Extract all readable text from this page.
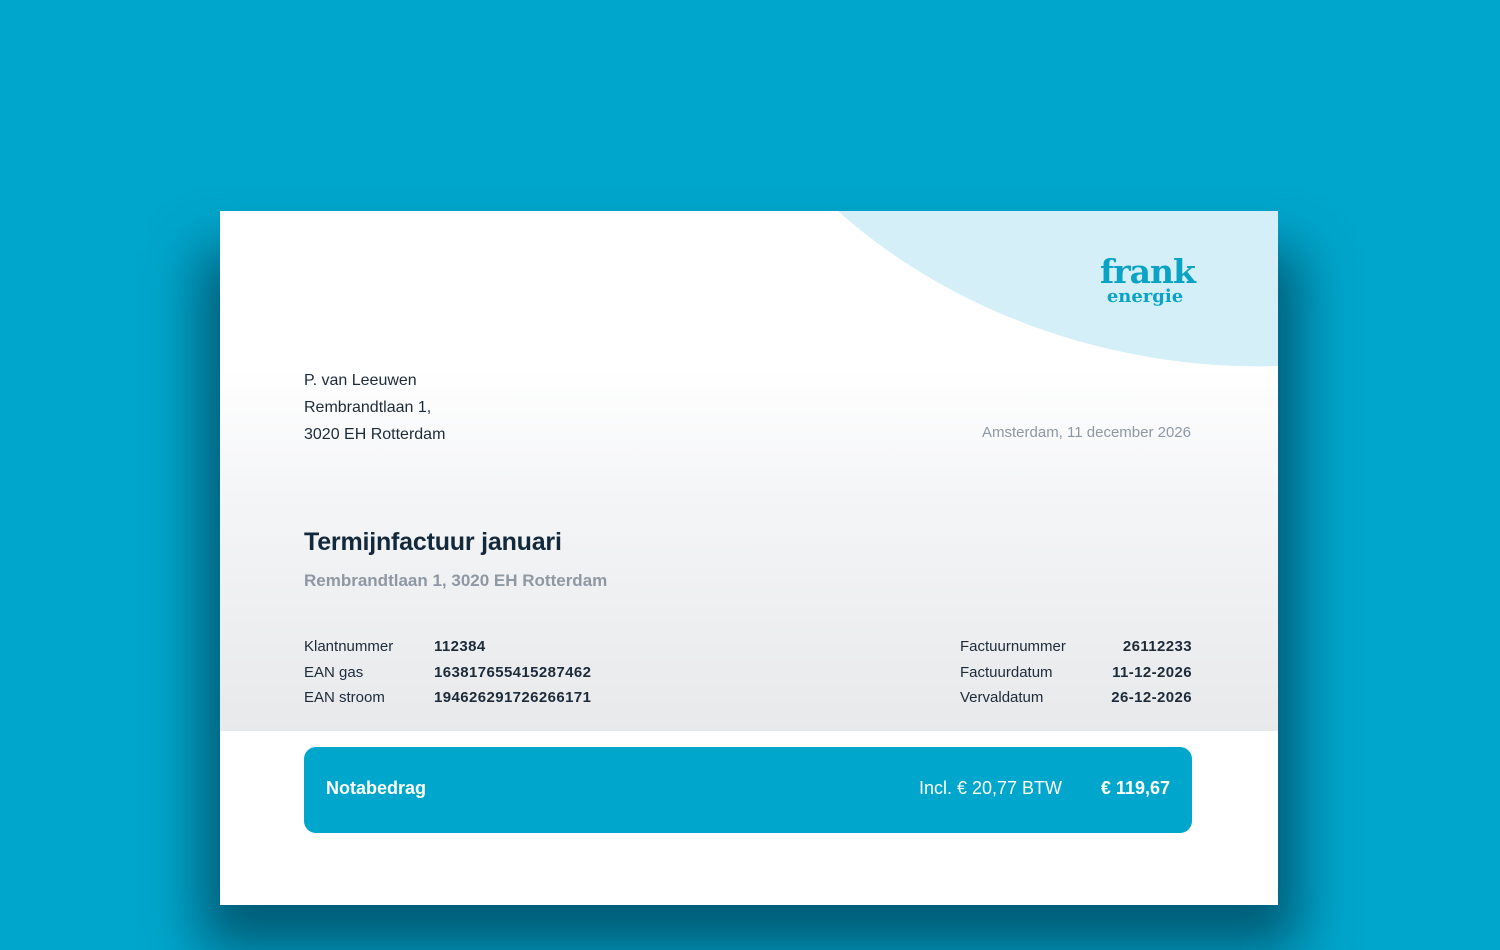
frank
energie
P. van Leeuwen
Rembrandtlaan 1,
3020 EH Rotterdam	Amsterdam, 11 december 2026
Termijnfactuur januari
Rembrandtlaan 1, 3020 EH Rotterdam
Klantnummer	112384
EAN gas	163817655415287462
EAN stroom	194626291726266171
Factuurnummer	26112233
Factuurdatum	11-12-2026
Vervaldatum	26-12-2026
Notabedrag	Incl. € 20,77 BTW € 119,67
